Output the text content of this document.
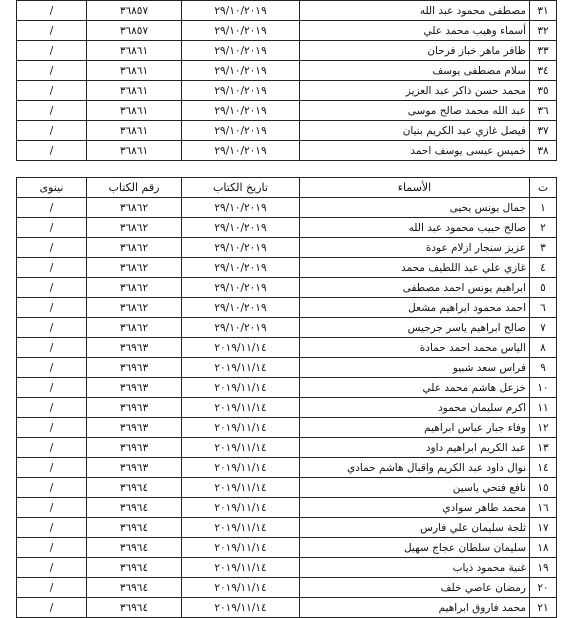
٣١	مصطفى محمود عبد الله	٢٩/١٠/٢٠١٩	٣٦٨٥٧	/
٣٢	أسماء وهيب محمد علي	٢٩/١٠/٢٠١٩	٣٦٨٥٧	/
٣٣	ظافر ماهر خباز فرحان	٢٩/١٠/٢٠١٩	٣٦٨٦١	/
٣٤	سلام مصطفى يوسف	٢٩/١٠/٢٠١٩	٣٦٨٦١	/
٣٥	محمد حسن ذاكر عبد العزيز	٢٩/١٠/٢٠١٩	٣٦٨٦١	/
٣٦	عبد الله محمد صالح موسى	٢٩/١٠/٢٠١٩	٣٦٨٦١	/
٣٧	فيصل غازي عبد الكريم بنيان	٢٩/١٠/٢٠١٩	٣٦٨٦١	/
٣٨	خميس عيسى يوسف احمد	٢٩/١٠/٢٠١٩	٣٦٨٦١	/
ت	الأسماء	تاريخ الكتاب	رقم الكتاب	نينوى
١	جمال يونس يحيى	٢٩/١٠/٢٠١٩	٣٦٨٦٢	/
٢	صالح حبيب محمود عبد الله	٢٩/١٠/٢٠١٩	٣٦٨٦٢	/
٣	عزيز سنجار ازلام عودة	٢٩/١٠/٢٠١٩	٣٦٨٦٢	/
٤	غازي علي عبد اللطيف محمد	٢٩/١٠/٢٠١٩	٣٦٨٦٢	/
٥	ابراهيم يونس احمد مصطفى	٢٩/١٠/٢٠١٩	٣٦٨٦٢	/
٦	احمد محمود ابراهيم مشعل	٢٩/١٠/٢٠١٩	٣٦٨٦٢	/
٧	صالح ابراهيم ياسر جرجيس	٢٩/١٠/٢٠١٩	٣٦٨٦٢	/
٨	الياس محمد احمد حمادة	٢٠١٩/١١/١٤	٣٦٩٦٣	/
٩	فراس سعد شبيو	٢٠١٩/١١/١٤	٣٦٩٦٣	/
١٠	خزعل هاشم محمد علي	٢٠١٩/١١/١٤	٣٦٩٦٣	/
١١	اكرم سليمان محمود	٢٠١٩/١١/١٤	٣٦٩٦٣	/
١٢	وفاء جبار عباس ابراهيم	٢٠١٩/١١/١٤	٣٦٩٦٣	/
١٣	عبد الكريم ابراهيم داود	٢٠١٩/١١/١٤	٣٦٩٦٣	/
١٤	نوال داود عبد الكريم واقبال هاشم حمادي	٢٠١٩/١١/١٤	٣٦٩٦٣	/
١٥	نافع فتحي ياسين	٢٠١٩/١١/١٤	٣٦٩٦٤	/
١٦	محمد طاهر سوادي	٢٠١٩/١١/١٤	٣٦٩٦٤	/
١٧	ثلجة سليمان علي فارس	٢٠١٩/١١/١٤	٣٦٩٦٤	/
١٨	سليمان سلطان عجاج سهيل	٢٠١٩/١١/١٤	٣٦٩٦٤	/
١٩	غنية محمود ذياب	٢٠١٩/١١/١٤	٣٦٩٦٤	/
٢٠	رمضان عاصي خلف	٢٠١٩/١١/١٤	٣٦٩٦٤	/
٢١	محمد فاروق ابراهيم	٢٠١٩/١١/١٤	٣٦٩٦٤	/
